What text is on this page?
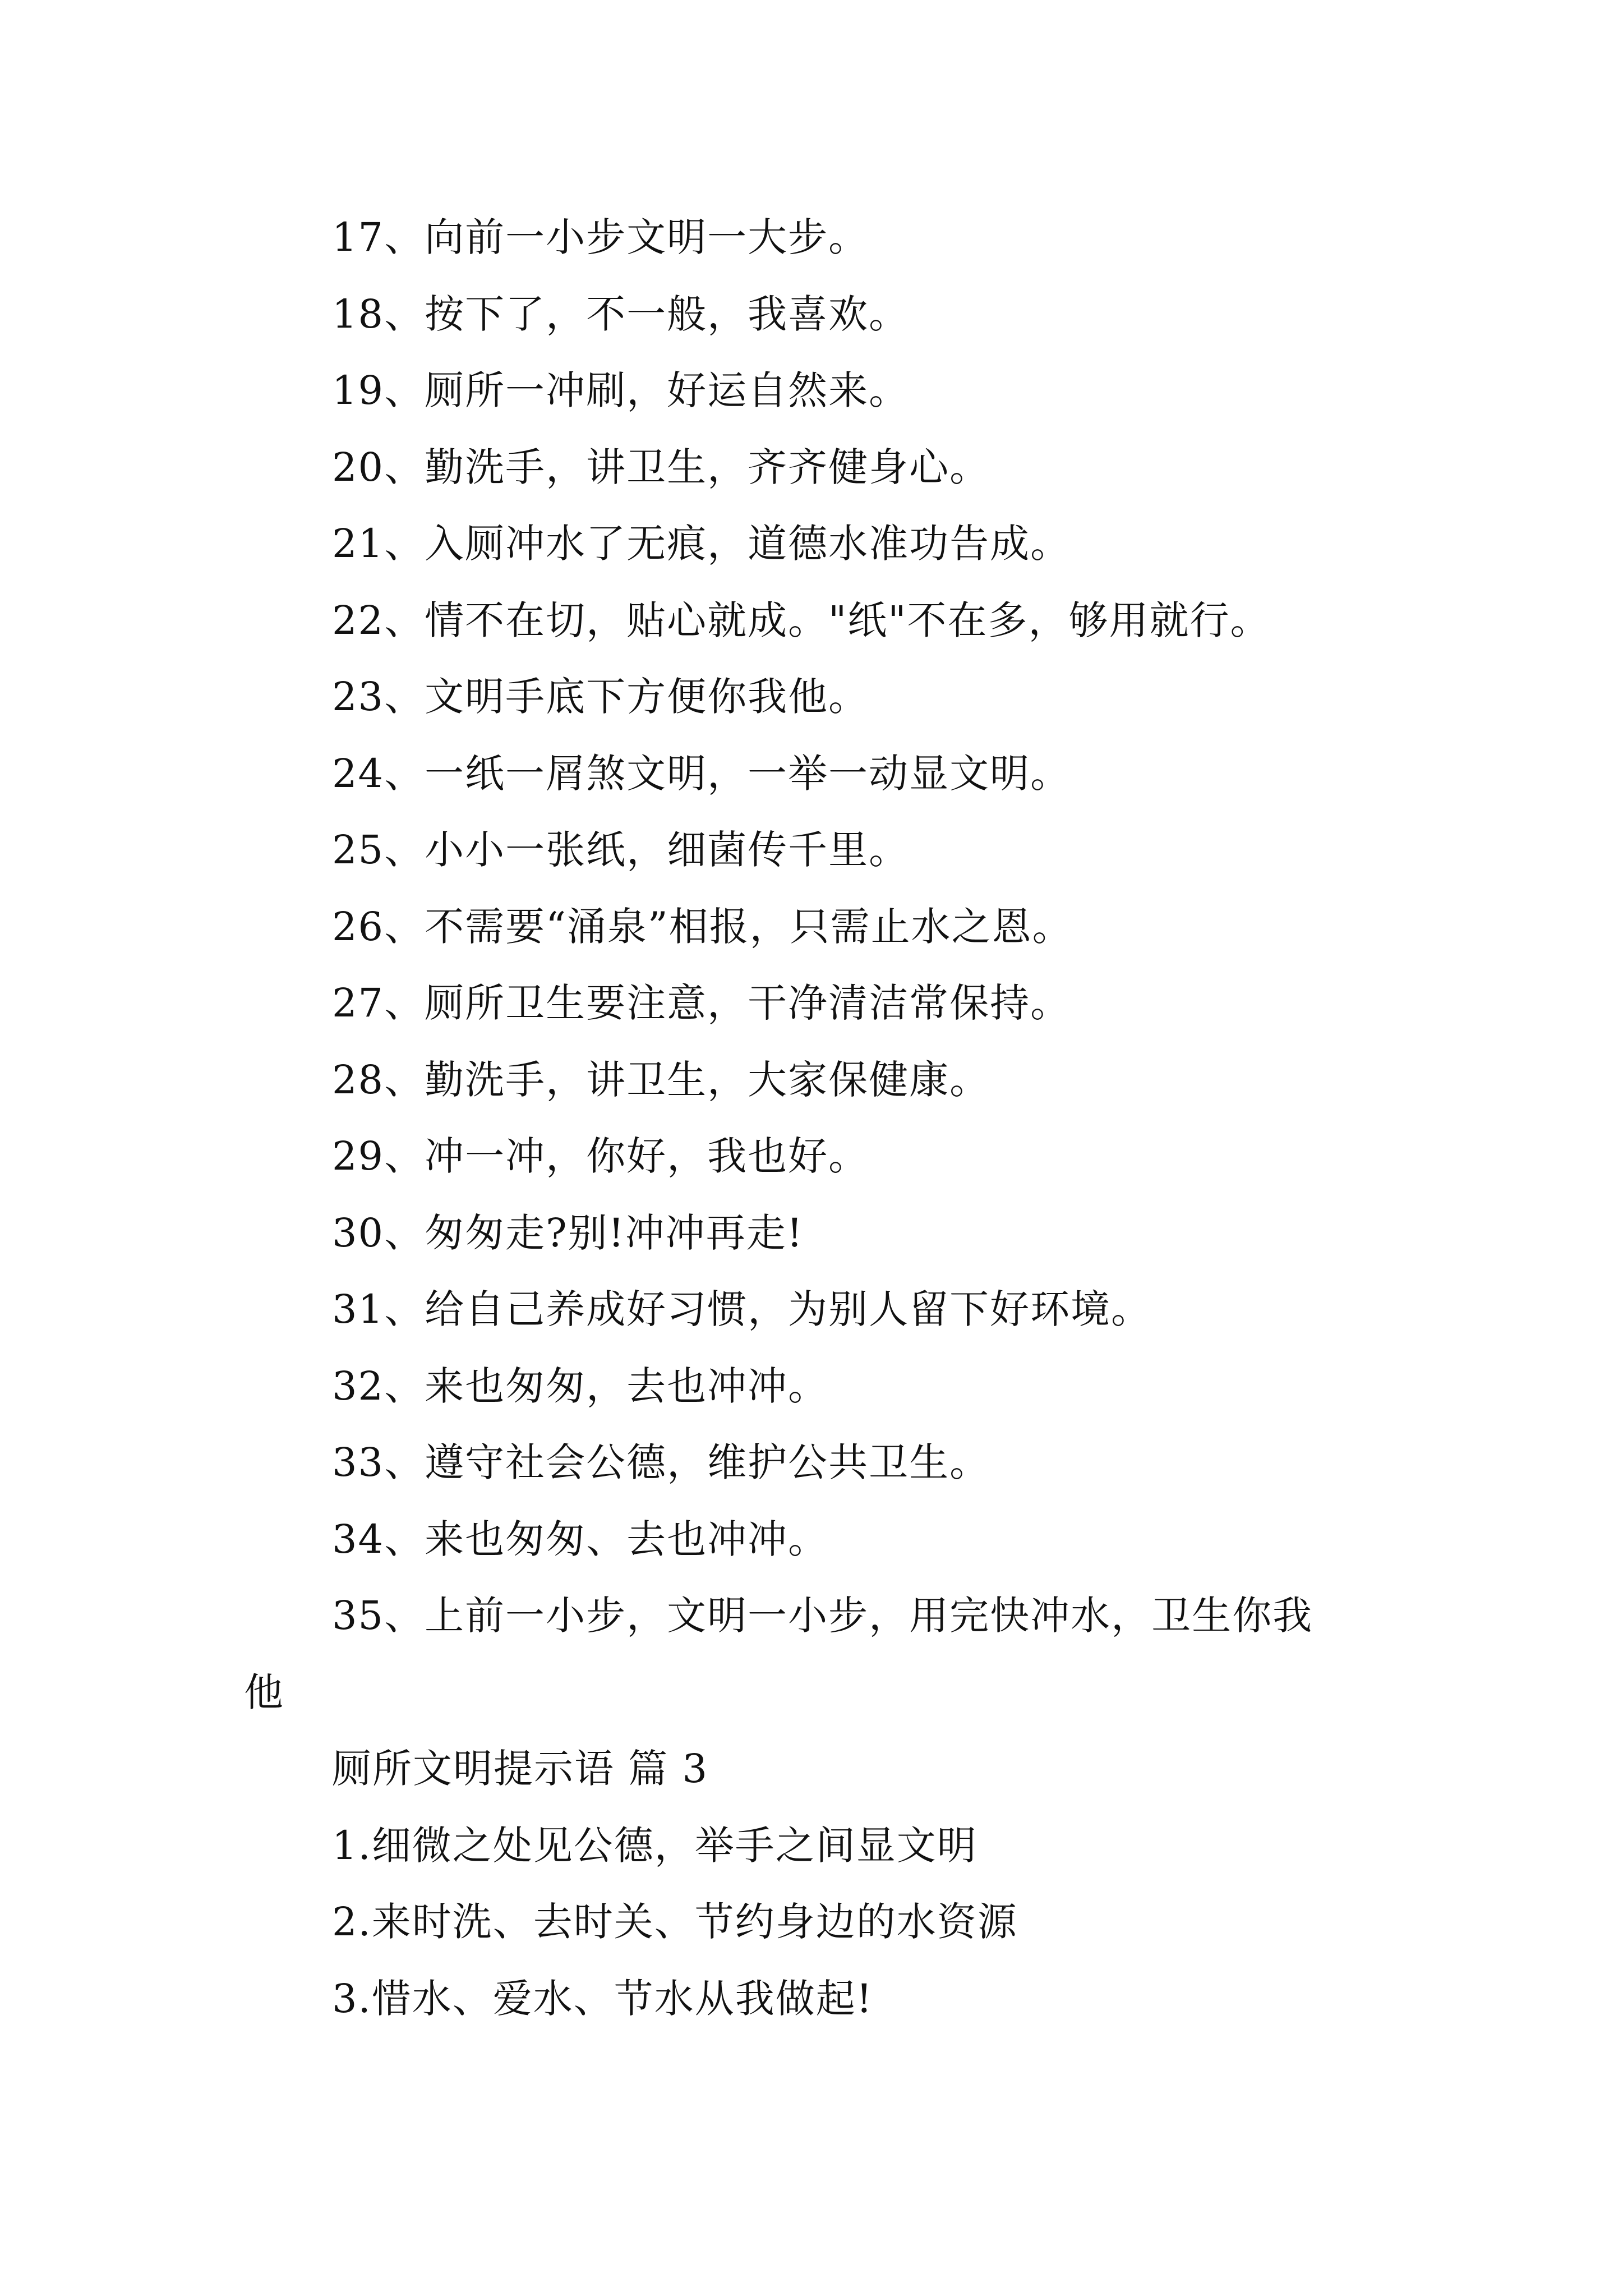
17、向前一小步文明一大步。
18、按下了，不一般，我喜欢。
19、厕所一冲刷，好运自然来。
20、勤洗手，讲卫生，齐齐健身心。
21、入厕冲水了无痕，道德水准功告成。
22、情不在切，贴心就成。"纸"不在多，够用就行。
23、文明手底下方便你我他。
24、一纸一屑煞文明，一举一动显文明。
25、小小一张纸，细菌传千里。
26、不需要“涌泉”相报，只需止水之恩。
27、厕所卫生要注意，干净清洁常保持。
28、勤洗手，讲卫生，大家保健康。
29、冲一冲，你好，我也好。
30、匆匆走?别!冲冲再走!
31、给自己养成好习惯，为别人留下好环境。
32、来也匆匆，去也冲冲。
33、遵守社会公德，维护公共卫生。
34、来也匆匆、去也冲冲。
35、上前一小步，文明一小步，用完快冲水，卫生你我
他
厕所文明提示语 篇 3
1.细微之处见公德，举手之间显文明
2.来时洗、去时关、节约身边的水资源
3.惜水、爱水、节水从我做起!
